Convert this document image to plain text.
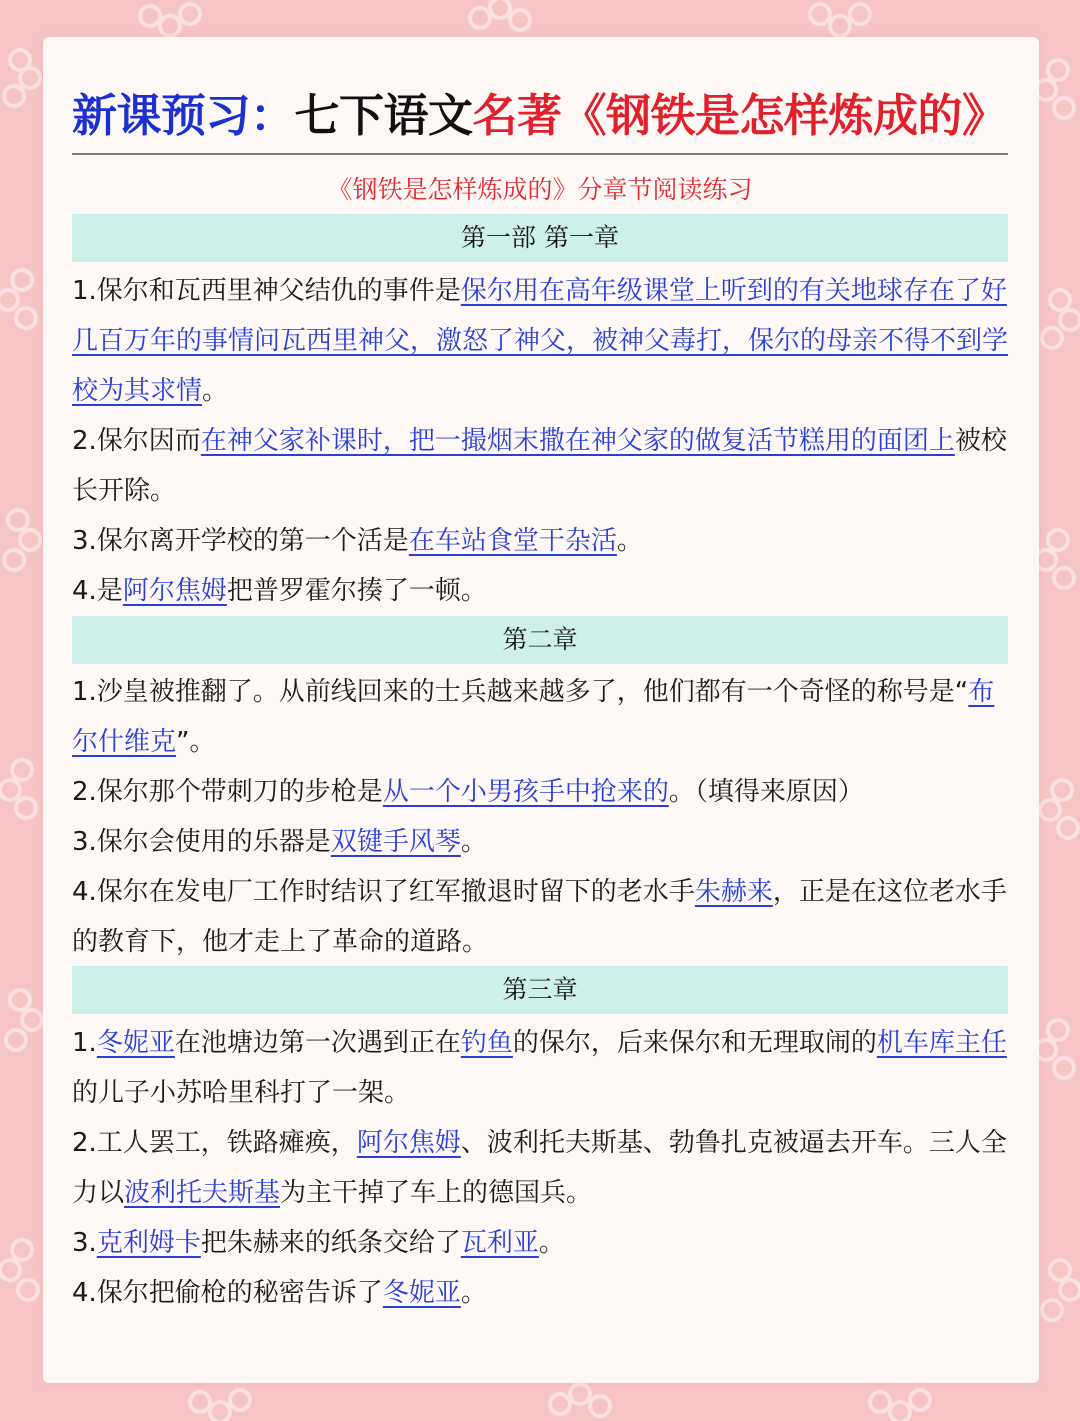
新课预习：七下语文名著《钢铁是怎样炼成的》
《钢铁是怎样炼成的》分章节阅读练习
第一部 第一章
1.保尔和瓦西里神父结仇的事件是保尔用在高年级课堂上听到的有关地球存在了好几百万年的事情问瓦西里神父，激怒了神父，被神父毒打，保尔的母亲不得不到学校为其求情。
2.保尔因而在神父家补课时，把一撮烟末撒在神父家的做复活节糕用的面团上被校长开除。
3.保尔离开学校的第一个活是在车站食堂干杂活。
4.是阿尔焦姆把普罗霍尔揍了一顿。
第二章
1.沙皇被推翻了。从前线回来的士兵越来越多了，他们都有一个奇怪的称号是“布尔什维克”。
2.保尔那个带刺刀的步枪是从一个小男孩手中抢来的。（填得来原因）
3.保尔会使用的乐器是双键手风琴。
4.保尔在发电厂工作时结识了红军撤退时留下的老水手朱赫来，正是在这位老水手的教育下，他才走上了革命的道路。
第三章
1.冬妮亚在池塘边第一次遇到正在钓鱼的保尔，后来保尔和无理取闹的机车库主任的儿子小苏哈里科打了一架。
2.工人罢工，铁路瘫痪，阿尔焦姆、波利托夫斯基、勃鲁扎克被逼去开车。三人全力以波利托夫斯基为主干掉了车上的德国兵。
3.克利姆卡把朱赫来的纸条交给了瓦利亚。
4.保尔把偷枪的秘密告诉了冬妮亚。
